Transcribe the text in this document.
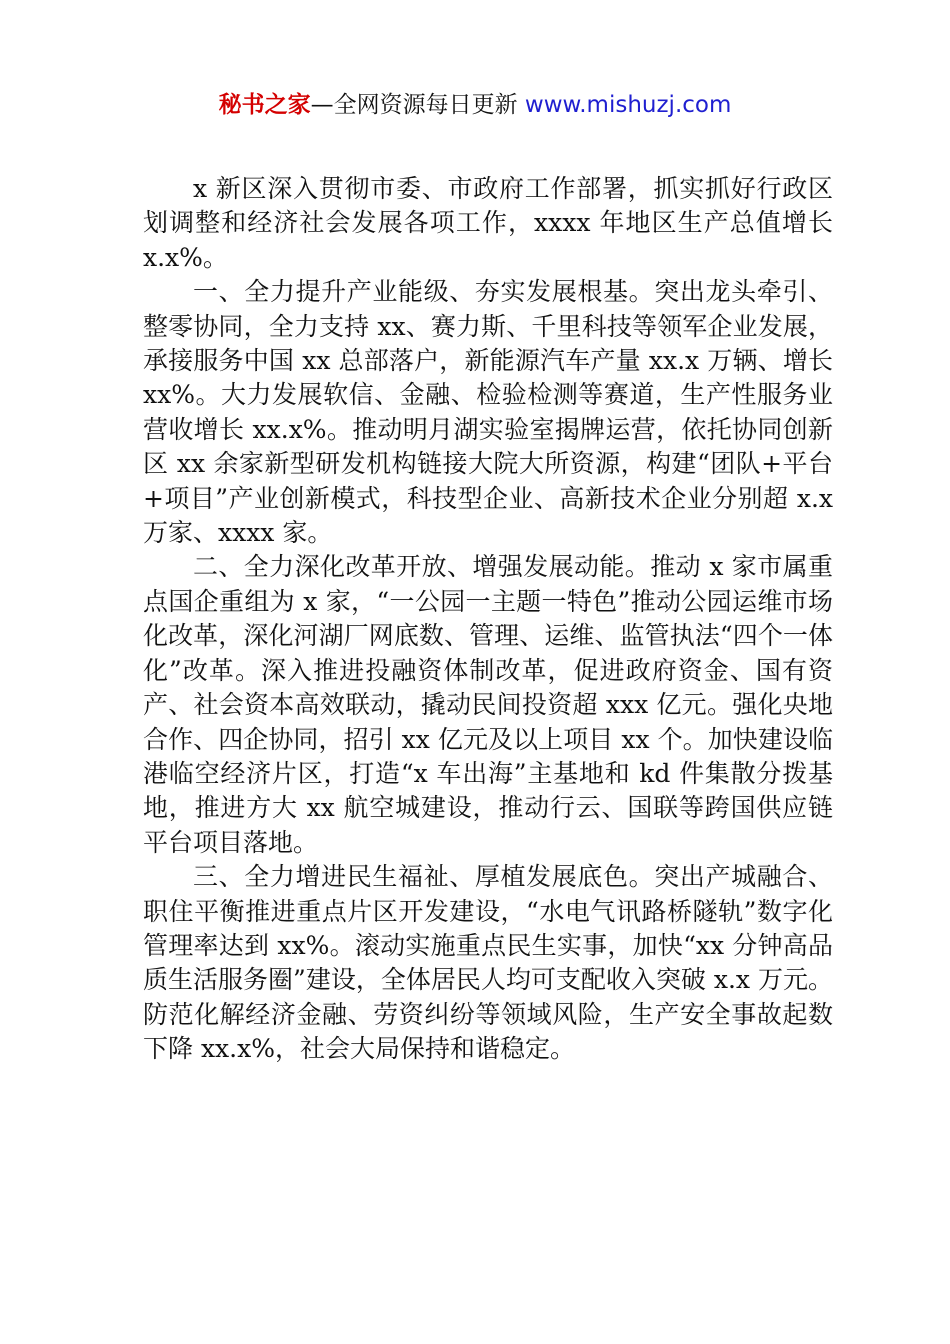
秘书之家—全网资源每日更新 www.mishuzj.com

x 新区深入贯彻市委、市政府工作部署，抓实抓好行政区划调整和经济社会发展各项工作，xxxx 年地区生产总值增长 x.x%。

一、全力提升产业能级、夯实发展根基。突出龙头牵引、整零协同，全力支持 xx、赛力斯、千里科技等领军企业发展，承接服务中国 xx 总部落户，新能源汽车产量 xx.x 万辆、增长 xx%。大力发展软信、金融、检验检测等赛道，生产性服务业营收增长 xx.x%。推动明月湖实验室揭牌运营，依托协同创新区 xx 余家新型研发机构链接大院大所资源，构建“团队+平台+项目”产业创新模式，科技型企业、高新技术企业分别超 x.x 万家、xxxx 家。

二、全力深化改革开放、增强发展动能。推动 x 家市属重点国企重组为 x 家，“一公园一主题一特色”推动公园运维市场化改革，深化河湖厂网底数、管理、运维、监管执法“四个一体化”改革。深入推进投融资体制改革，促进政府资金、国有资产、社会资本高效联动，撬动民间投资超 xxx 亿元。强化央地合作、四企协同，招引 xx 亿元及以上项目 xx 个。加快建设临港临空经济片区，打造“x 车出海”主基地和 kd 件集散分拨基地，推进方大 xx 航空城建设，推动行云、国联等跨国供应链平台项目落地。

三、全力增进民生福祉、厚植发展底色。突出产城融合、职住平衡推进重点片区开发建设，“水电气讯路桥隧轨”数字化管理率达到 xx%。滚动实施重点民生实事，加快“xx 分钟高品质生活服务圈”建设，全体居民人均可支配收入突破 x.x 万元。防范化解经济金融、劳资纠纷等领域风险，生产安全事故起数下降 xx.x%，社会大局保持和谐稳定。
